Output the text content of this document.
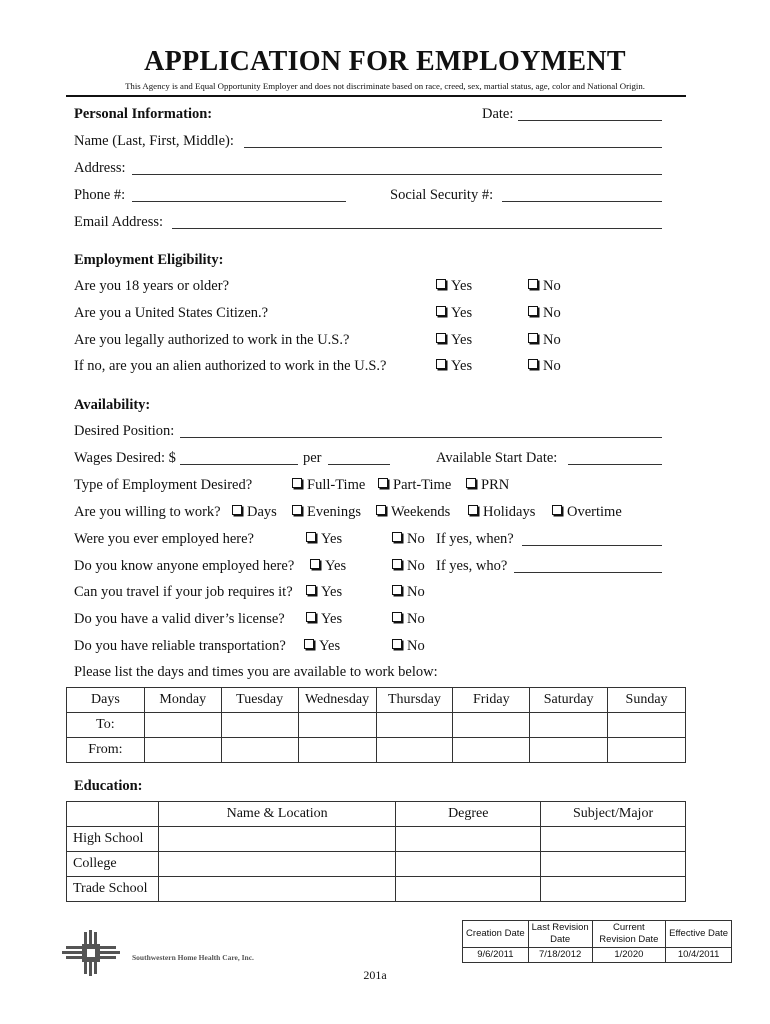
APPLICATION FOR EMPLOYMENT
This Agency is and Equal Opportunity Employer and does not discriminate based on race, creed, sex, martial status, age, color and National Origin.
Personal Information:	Date:
Name (Last, First, Middle):
Address:
Phone #:	Social Security #:
Email Address:
Employment Eligibility:
Are you 18 years or older?	Yes	No
Are you a United States Citizen.?	Yes	No
Are you legally authorized to work in the U.S.?	Yes	No
If no, are you an alien authorized to work in the U.S.?	Yes	No
Availability:
Desired Position:
Wages Desired: $	per	Available Start Date:
Type of Employment Desired?	Full-Time	Part-Time	PRN
Are you willing to work?	Days	Evenings	Weekends	Holidays	Overtime
Were you ever employed here?	Yes	No If yes, when?
Do you know anyone employed here?	Yes	No If yes, who?
Can you travel if your job requires it?	Yes	No
Do you have a valid diver’s license?	Yes	No
Do you have reliable transportation?	Yes	No
Please list the days and times you are available to work below:
Days	Monday	Tuesday	Wednesday	Thursday	Friday	Saturday	Sunday
To:							
From:							
Education:
	Name & Location	Degree	Subject/Major
High School			
College			
Trade School			
Southwestern Home Health Care, Inc.
Creation Date	Last Revision Date	Current Revision Date	Effective Date
9/6/2011	7/18/2012	1/2020	10/4/2011
201a
